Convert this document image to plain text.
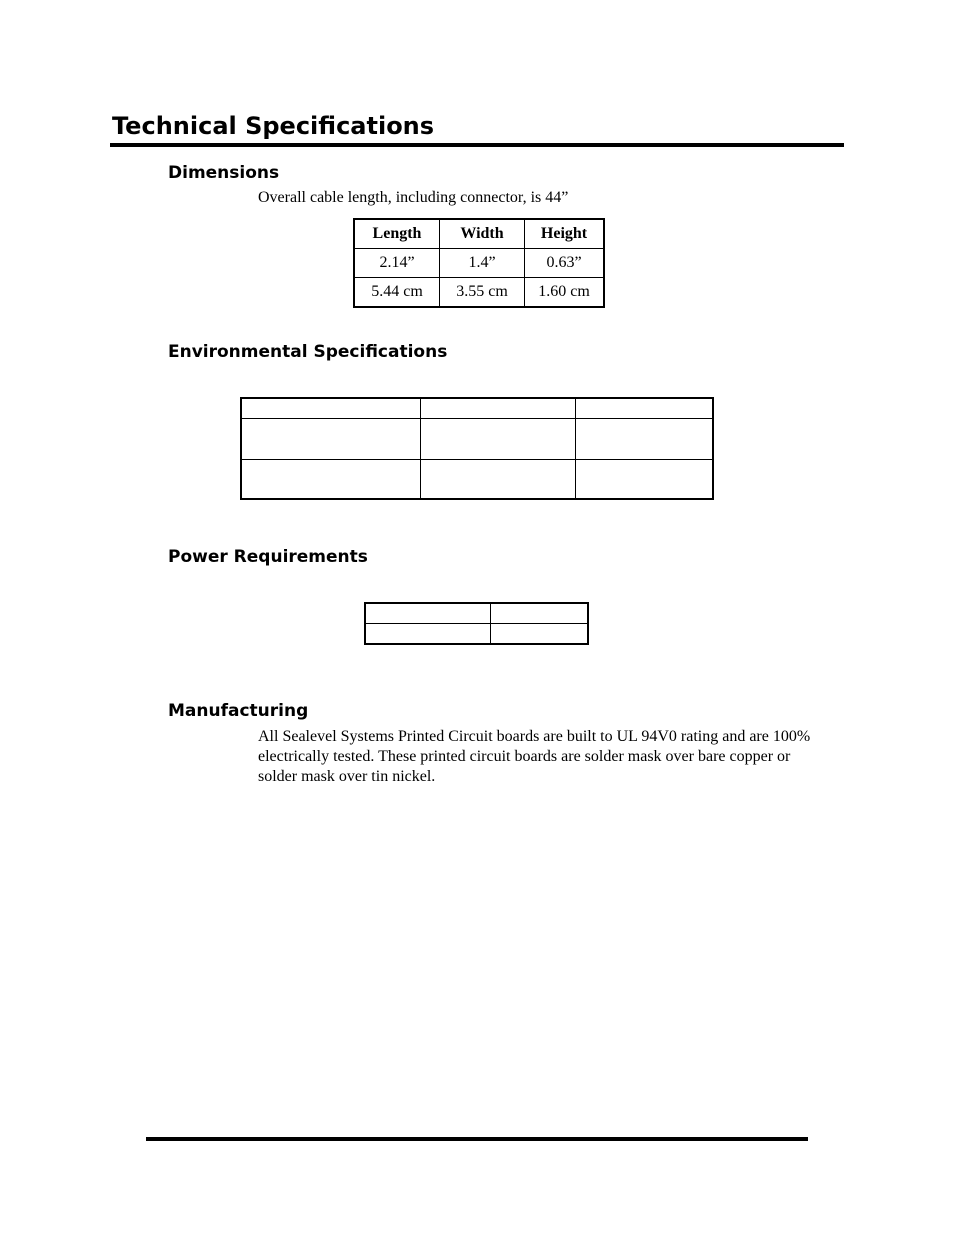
Technical Specifications
Dimensions

Overall cable length, including connector, is 44”

Length	Width	Height
2.14”	1.4”	0.63”
5.44 cm	3.55 cm	1.60 cm
Environmental Specifications

Power Requirements

Manufacturing

All Sealevel Systems Printed Circuit boards are built to UL 94V0 rating and are 100% electrically tested. These printed circuit boards are solder mask over bare copper or solder mask over tin nickel.
